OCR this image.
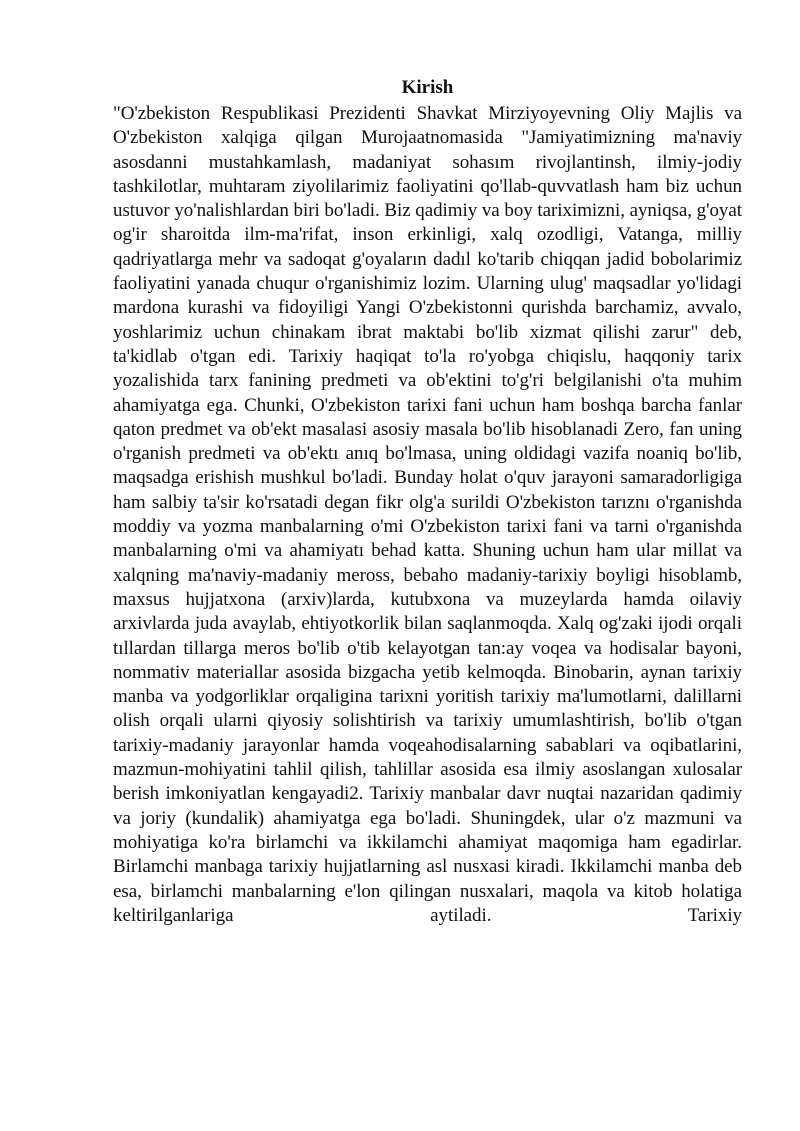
Kirish

"O'zbekiston Respublikasi Prezidenti Shavkat Mirziyoyevning Oliy Majlis va O'zbekiston xalqiga qilgan Murojaatnomasida "Jamiyatimizning ma'naviy asosdanni mustahkamlash, madaniyat sohasım rivojlantinsh, ilmiy-jodiy tashkilotlar, muhtaram ziyolilarimiz faoliyatini qo'llab-quvvatlash ham biz uchun ustuvor yo'nalishlardan biri bo'ladi. Biz qadimiy va boy tariximizni, ayniqsa, g'oyat og'ir sharoitda ilm-ma'rifat, inson erkinligi, xalq ozodligi, Vatanga, milliy qadriyatlarga mehr va sadoqat g'oyaların dadıl ko'tarib chiqqan jadid bobolarimiz faoliyatini yanada chuqur o'rganishimiz lozim. Ularning ulug' maqsadlar yo'lidagi mardona kurashi va fidoyiligi Yangi O'zbekistonni qurishda barchamiz, avvalo, yoshlarimiz uchun chinakam ibrat maktabi bo'lib xizmat qilishi zarur" deb, ta'kidlab o'tgan edi. Tarixiy haqiqat to'la ro'yobga chiqislu, haqqoniy tarix yozalishida tarx fanining predmeti va ob'ektini to'g'ri belgilanishi o'ta muhim ahamiyatga ega. Chunki, O'zbekiston tarixi fani uchun ham boshqa barcha fanlar qaton predmet va ob'ekt masalasi asosiy masala bo'lib hisoblanadi Zero, fan uning o'rganish predmeti va ob'ektı anıq bo'lmasa, uning oldidagi vazifa noaniq bo'lib, maqsadga erishish mushkul bo'ladi. Bunday holat o'quv jarayoni samaradorligiga ham salbiy ta'sir ko'rsatadi degan fikr olg'a surildi O'zbekiston tarıznı o'rganishda moddiy va yozma manbalarning o'mi O'zbekiston tarixi fani va tarni o'rganishda manbalarning o'mi va ahamiyatı behad katta. Shuning uchun ham ular millat va xalqning ma'naviy-madaniy meross, bebaho madaniy-tarixiy boyligi hisoblamb, maxsus hujjatxona (arxiv)larda, kutubxona va muzeylarda hamda oilaviy arxivlarda juda avaylab, ehtiyotkorlik bilan saqlanmoqda. Xalq og'zaki ijodi orqali tıllardan tillarga meros bo'lib o'tib kelayotgan tan:ay voqea va hodisalar bayoni, nommativ materiallar asosida bizgacha yetib kelmoqda. Binobarin, aynan tarixiy manba va yodgorliklar orqaligina tarixni yoritish tarixiy ma'lumotlarni, dalillarni olish orqali ularni qiyosiy solishtirish va tarixiy umumlashtirish, bo'lib o'tgan tarixiy-madaniy jarayonlar hamda voqeahodisalarning sabablari va oqibatlarini, mazmun-mohiyatini tahlil qilish, tahlillar asosida esa ilmiy asoslangan xulosalar berish imkoniyatlan kengayadi2. Tarixiy manbalar davr nuqtai nazaridan qadimiy va joriy (kundalik) ahamiyatga ega bo'ladi. Shuningdek, ular o'z mazmuni va mohiyatiga ko'ra birlamchi va ikkilamchi ahamiyat maqomiga ham egadirlar. Birlamchi manbaga tarixiy hujjatlarning asl nusxasi kiradi. Ikkilamchi manba deb esa, birlamchi manbalarning e'lon qilingan nusxalari, maqola va kitob holatiga keltirilganlariga aytiladi. Tarixiy
